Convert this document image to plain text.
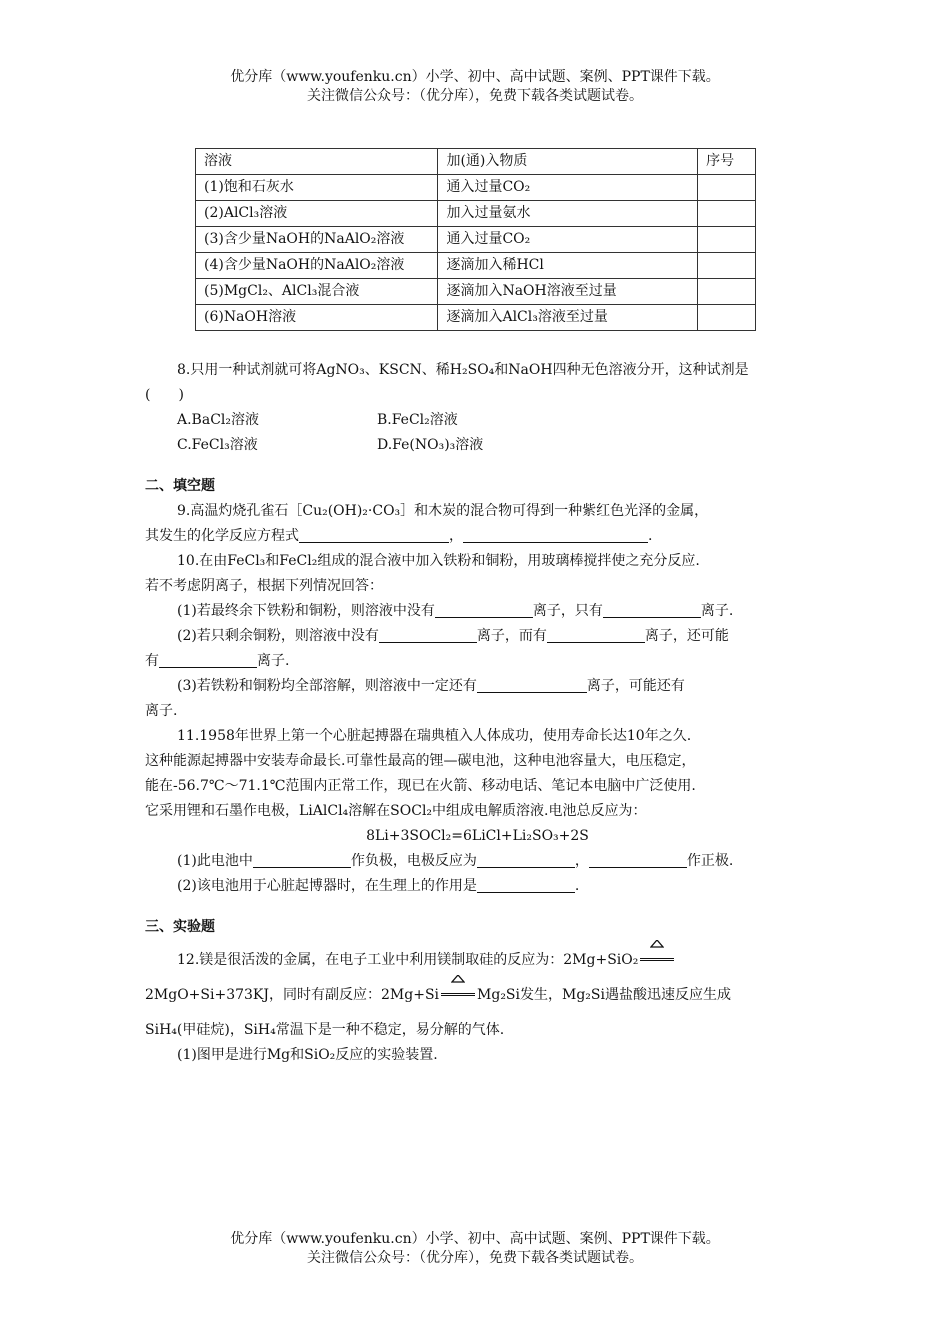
优分库（www.youfenku.cn）小学、初中、高中试题、案例、PPT课件下载。
关注微信公众号：（优分库），免费下载各类试题试卷。
溶液	加(通)入物质	序号
(1)饱和石灰水	通入过量CO₂	
(2)AlCl₃溶液	加入过量氨水	
(3)含少量NaOH的NaAlO₂溶液	通入过量CO₂	
(4)含少量NaOH的NaAlO₂溶液	逐滴加入稀HCl	
(5)MgCl₂、AlCl₃混合液	逐滴加入NaOH溶液至过量	
(6)NaOH溶液	逐滴加入AlCl₃溶液至过量	
8.只用一种试剂就可将AgNO₃、KSCN、稀H₂SO₄和NaOH四种无色溶液分开，这种试剂是
(　　)
A.BaCl₂溶液	B.FeCl₂溶液
C.FeCl₃溶液	D.Fe(NO₃)₃溶液
二、填空题
9.高温灼烧孔雀石［Cu₂(OH)₂·CO₃］和木炭的混合物可得到一种紫红色光泽的金属，
其发生的化学反应方程式	，	.
10.在由FeCl₃和FeCl₂组成的混合液中加入铁粉和铜粉，用玻璃棒搅拌使之充分反应.
若不考虑阴离子，根据下列情况回答：
(1)若最终余下铁粉和铜粉，则溶液中没有	离子，只有	离子.
(2)若只剩余铜粉，则溶液中没有	离子，而有	离子，还可能
有	离子.
(3)若铁粉和铜粉均全部溶解，则溶液中一定还有	离子，可能还有
离子.
11.1958年世界上第一个心脏起搏器在瑞典植入人体成功，使用寿命长达10年之久.
这种能源起搏器中安装寿命最长.可靠性最高的锂—碳电池，这种电池容量大，电压稳定，
能在-56.7℃～71.1℃范围内正常工作，现已在火箭、移动电话、笔记本电脑中广泛使用.
它采用锂和石墨作电极，LiAlCl₄溶解在SOCl₂中组成电解质溶液.电池总反应为：
8Li+3SOCl₂=6LiCl+Li₂SO₃+2S
(1)此电池中	作负极，电极反应为	，	作正极.
(2)该电池用于心脏起博器时，在生理上的作用是	.
三、实验题
12.镁是很活泼的金属，在电子工业中利用镁制取硅的反应为：2Mg+SiO₂
2MgO+Si+373KJ，同时有副反应：2Mg+Si	Mg₂Si发生，Mg₂Si遇盐酸迅速反应生成
SiH₄(甲硅烷)，SiH₄常温下是一种不稳定，易分解的气体.
(1)图甲是进行Mg和SiO₂反应的实验装置.
优分库（www.youfenku.cn）小学、初中、高中试题、案例、PPT课件下载。
关注微信公众号：（优分库），免费下载各类试题试卷。
